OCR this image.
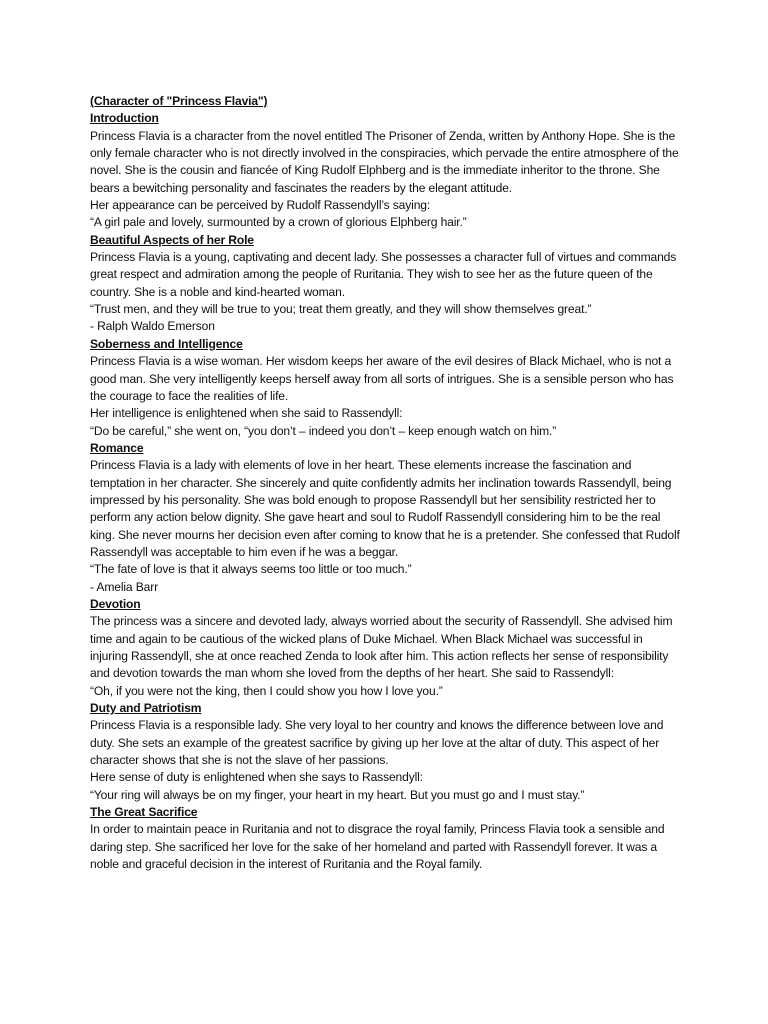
(Character of "Princess Flavia")

Introduction

Princess Flavia is a character from the novel entitled The Prisoner of Zenda, written by Anthony Hope. She is the only female character who is not directly involved in the conspiracies, which pervade the entire atmosphere of the novel. She is the cousin and fiancée of King Rudolf Elphberg and is the immediate inheritor to the throne. She bears a bewitching personality and fascinates the readers by the elegant attitude.

Her appearance can be perceived by Rudolf Rassendyll’s saying:

“A girl pale and lovely, surmounted by a crown of glorious Elphberg hair.”

Beautiful Aspects of her Role

Princess Flavia is a young, captivating and decent lady. She possesses a character full of virtues and commands great respect and admiration among the people of Ruritania. They wish to see her as the future queen of the country. She is a noble and kind-hearted woman.

“Trust men, and they will be true to you; treat them greatly, and they will show themselves great.”

- Ralph Waldo Emerson

Soberness and Intelligence

Princess Flavia is a wise woman. Her wisdom keeps her aware of the evil desires of Black Michael, who is not a good man. She very intelligently keeps herself away from all sorts of intrigues. She is a sensible person who has the courage to face the realities of life.

Her intelligence is enlightened when she said to Rassendyll:

“Do be careful,” she went on, “you don’t – indeed you don’t – keep enough watch on him.”

Romance

Princess Flavia is a lady with elements of love in her heart. These elements increase the fascination and temptation in her character. She sincerely and quite confidently admits her inclination towards Rassendyll, being impressed by his personality. She was bold enough to propose Rassendyll but her sensibility restricted her to perform any action below dignity. She gave heart and soul to Rudolf Rassendyll considering him to be the real king. She never mourns her decision even after coming to know that he is a pretender. She confessed that Rudolf Rassendyll was acceptable to him even if he was a beggar.

“The fate of love is that it always seems too little or too much.”

- Amelia Barr

Devotion

The princess was a sincere and devoted lady, always worried about the security of Rassendyll. She advised him time and again to be cautious of the wicked plans of Duke Michael. When Black Michael was successful in injuring Rassendyll, she at once reached Zenda to look after him. This action reflects her sense of responsibility and devotion towards the man whom she loved from the depths of her heart. She said to Rassendyll:

“Oh, if you were not the king, then I could show you how I love you.”

Duty and Patriotism

Princess Flavia is a responsible lady. She very loyal to her country and knows the difference between love and duty. She sets an example of the greatest sacrifice by giving up her love at the altar of duty. This aspect of her character shows that she is not the slave of her passions.

Here sense of duty is enlightened when she says to Rassendyll:

“Your ring will always be on my finger, your heart in my heart. But you must go and I must stay.”

The Great Sacrifice

In order to maintain peace in Ruritania and not to disgrace the royal family, Princess Flavia took a sensible and daring step. She sacrificed her love for the sake of her homeland and parted with Rassendyll forever. It was a noble and graceful decision in the interest of Ruritania and the Royal family.
